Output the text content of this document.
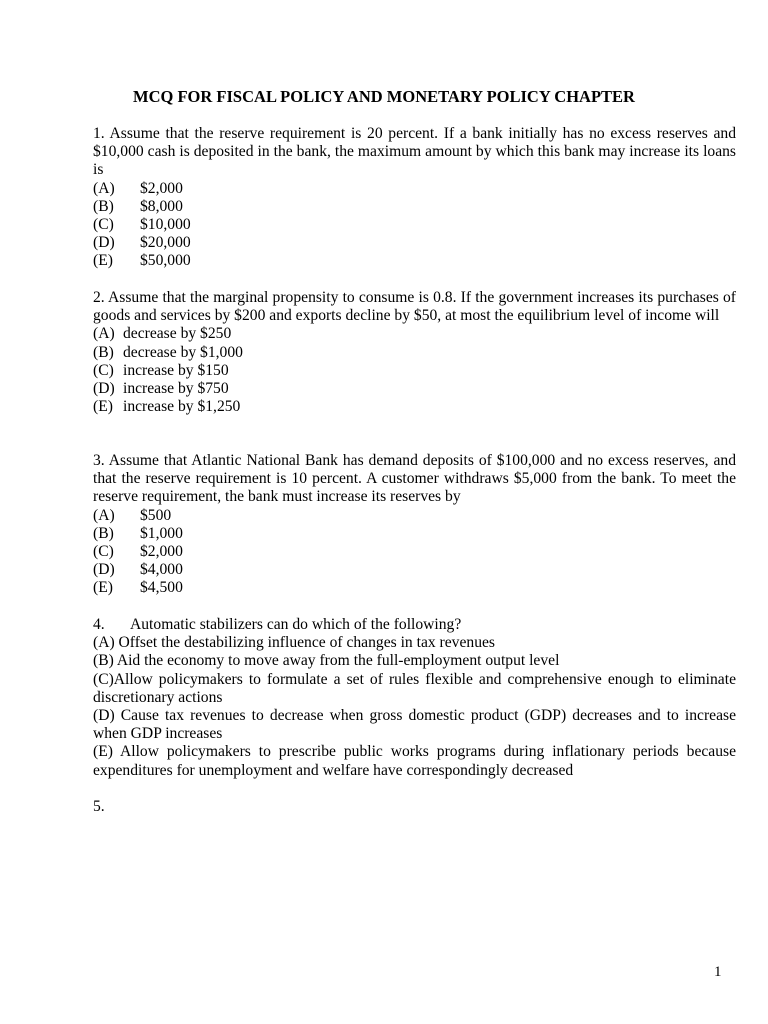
MCQ FOR FISCAL POLICY AND MONETARY POLICY CHAPTER
1. Assume that the reserve requirement is 20 percent. If a bank initially has no excess reserves and $10,000 cash is deposited in the bank, the maximum amount by which this bank may increase its loans is
(A) $2,000
(B) $8,000
(C) $10,000
(D) $20,000
(E) $50,000
2. Assume that the marginal propensity to consume is 0.8. If the government increases its purchases of goods and services by $200 and exports decline by $50, at most the equilibrium level of income will
(A) decrease by $250
(B) decrease by $1,000
(C) increase by $150
(D) increase by $750
(E) increase by $1,250
3. Assume that Atlantic National Bank has demand deposits of $100,000 and no excess reserves, and that the reserve requirement is 10 percent. A customer withdraws $5,000 from the bank. To meet the reserve requirement, the bank must increase its reserves by
(A) $500
(B) $1,000
(C) $2,000
(D) $4,000
(E) $4,500
4. Automatic stabilizers can do which of the following?
(A) Offset the destabilizing influence of changes in tax revenues
(B) Aid the economy to move away from the full-employment output level
(C)Allow policymakers to formulate a set of rules flexible and comprehensive enough to eliminate discretionary actions
(D) Cause tax revenues to decrease when gross domestic product (GDP) decreases and to increase when GDP increases
(E) Allow policymakers to prescribe public works programs during inflationary periods because expenditures for unemployment and welfare have correspondingly decreased
5.
1
